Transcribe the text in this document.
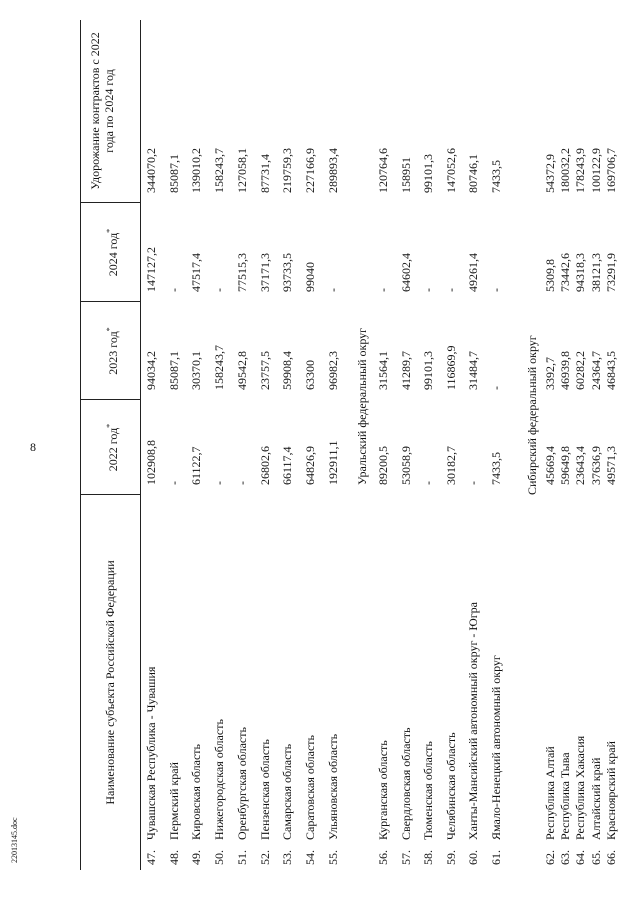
8
22013145.doc
Наименование субъекта Российской Федерации
2022 год*
2023 год*
2024 год*
Удорожание контрактов с 2022 года по 2024 год
Уральский федеральный округ	Сибирский федеральный округ
47.
Чувашская Республика - Чувашия
102908,8
94034,2
147127,2
344070,2
48.
Пермский край
-
85087,1
-
85087,1
49.
Кировская область
61122,7
30370,1
47517,4
139010,2
50.
Нижегородская область
-
158243,7
-
158243,7
51.
Оренбургская область
-
49542,8
77515,3
127058,1
52.
Пензенская область
26802,6
23757,5
37171,3
87731,4
53.
Самарская область
66117,4
59908,4
93733,5
219759,3
54.
Саратовская область
64826,9
63300
99040
227166,9
55.
Ульяновская область
192911,1
96982,3
-
289893,4
56.
Курганская область
89200,5
31564,1
-
120764,6
57.
Свердловская область
53058,9
41289,7
64602,4
158951
58.
Тюменская область
-
99101,3
-
99101,3
59.
Челябинская область
30182,7
116869,9
-
147052,6
60.
Ханты-Мансийский автономный округ - Югра
-
31484,7
49261,4
80746,1
61.
Ямало-Ненецкий автономный округ
7433,5
-
-
7433,5
62.
Республика Алтай
45669,4
3392,7
5309,8
54372,9
63.
Республика Тыва
59649,8
46939,8
73442,6
180032,2
64.
Республика Хакасия
23643,4
60282,2
94318,3
178243,9
65.
Алтайский край
37636,9
24364,7
38121,3
100122,9
66.
Красноярский край
49571,3
46843,5
73291,9
169706,7
